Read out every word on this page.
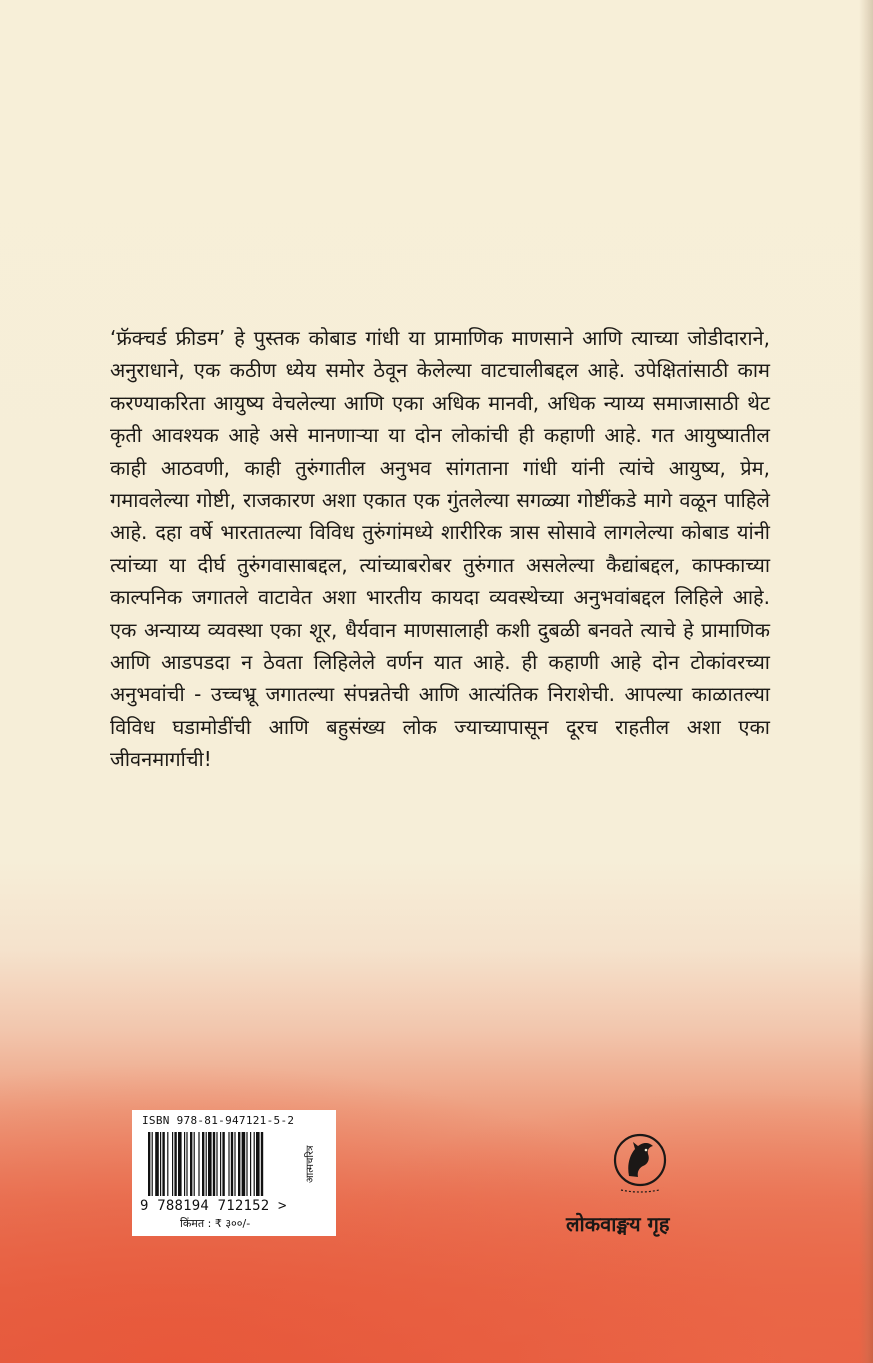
‘फ्रॅक्चर्ड फ्रीडम’ हे पुस्तक कोबाड गांधी या प्रामाणिक माणसाने आणि त्याच्या जोडीदाराने, अनुराधाने, एक कठीण ध्येय समोर ठेवून केलेल्या वाटचालीबद्दल आहे. उपेक्षितांसाठी काम करण्याकरिता आयुष्य वेचलेल्या आणि एका अधिक मानवी, अधिक न्याय्य समाजासाठी थेट कृती आवश्यक आहे असे मानणाऱ्या या दोन लोकांची ही कहाणी आहे. गत आयुष्यातील काही आठवणी, काही तुरुंगातील अनुभव सांगताना गांधी यांनी त्यांचे आयुष्य, प्रेम, गमावलेल्या गोष्टी, राजकारण अशा एकात एक गुंतलेल्या सगळ्या गोष्टींकडे मागे वळून पाहिले आहे. दहा वर्षे भारतातल्या विविध तुरुंगांमध्ये शारीरिक त्रास सोसावे लागलेल्या कोबाड यांनी त्यांच्या या दीर्घ तुरुंगवासाबद्दल, त्यांच्याबरोबर तुरुंगात असलेल्या कैद्यांबद्दल, काफ्काच्या काल्पनिक जगातले वाटावेत अशा भारतीय कायदा व्यवस्थेच्या अनुभवांबद्दल लिहिले आहे. एक अन्याय्य व्यवस्था एका शूर, धैर्यवान माणसालाही कशी दुबळी बनवते त्याचे हे प्रामाणिक आणि आडपडदा न ठेवता लिहिलेले वर्णन यात आहे. ही कहाणी आहे दोन टोकांवरच्या अनुभवांची - उच्चभ्रू जगातल्या संपन्नतेची आणि आत्यंतिक निराशेची. आपल्या काळातल्या विविध घडामोडींची आणि बहुसंख्य लोक ज्याच्यापासून दूरच राहतील अशा एका जीवनमार्गाची!

ISBN 978-81-947121-5-2
आत्मचरित्र
9 788194 712152 >
किंमत : ₹ ३००/-	लोकवाङ्मय गृह
